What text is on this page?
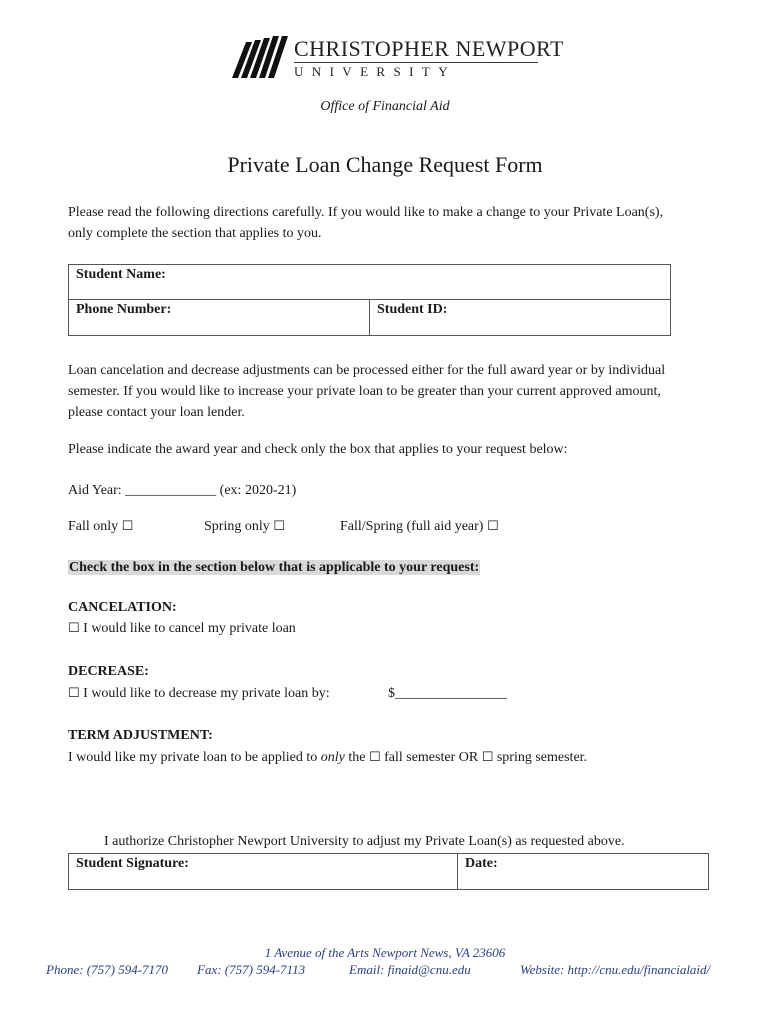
CHRISTOPHER NEWPORT
UNIVERSITY
Office of Financial Aid
Private Loan Change Request Form
Please read the following directions carefully. If you would like to make a change to your Private Loan(s), only complete the section that applies to you.
Student Name:
Phone Number:	Student ID:
Loan cancelation and decrease adjustments can be processed either for the full award year or by individual semester. If you would like to increase your private loan to be greater than your current approved amount, please contact your loan lender.
Please indicate the award year and check only the box that applies to your request below:
Aid Year: _____________ (ex: 2020-21)
Fall only ☐	Spring only ☐	Fall/Spring (full aid year) ☐
Check the box in the section below that is applicable to your request:
CANCELATION:
☐ I would like to cancel my private loan
DECREASE:
☐ I would like to decrease my private loan by:	$________________
TERM ADJUSTMENT:
I would like my private loan to be applied to only the ☐ fall semester OR ☐ spring semester.
I authorize Christopher Newport University to adjust my Private Loan(s) as requested above.
Student Signature:	Date:
1 Avenue of the Arts Newport News, VA 23606
Phone: (757) 594-7170 Fax: (757) 594-7113	Email: finaid@cnu.edu	Website: http://cnu.edu/financialaid/
